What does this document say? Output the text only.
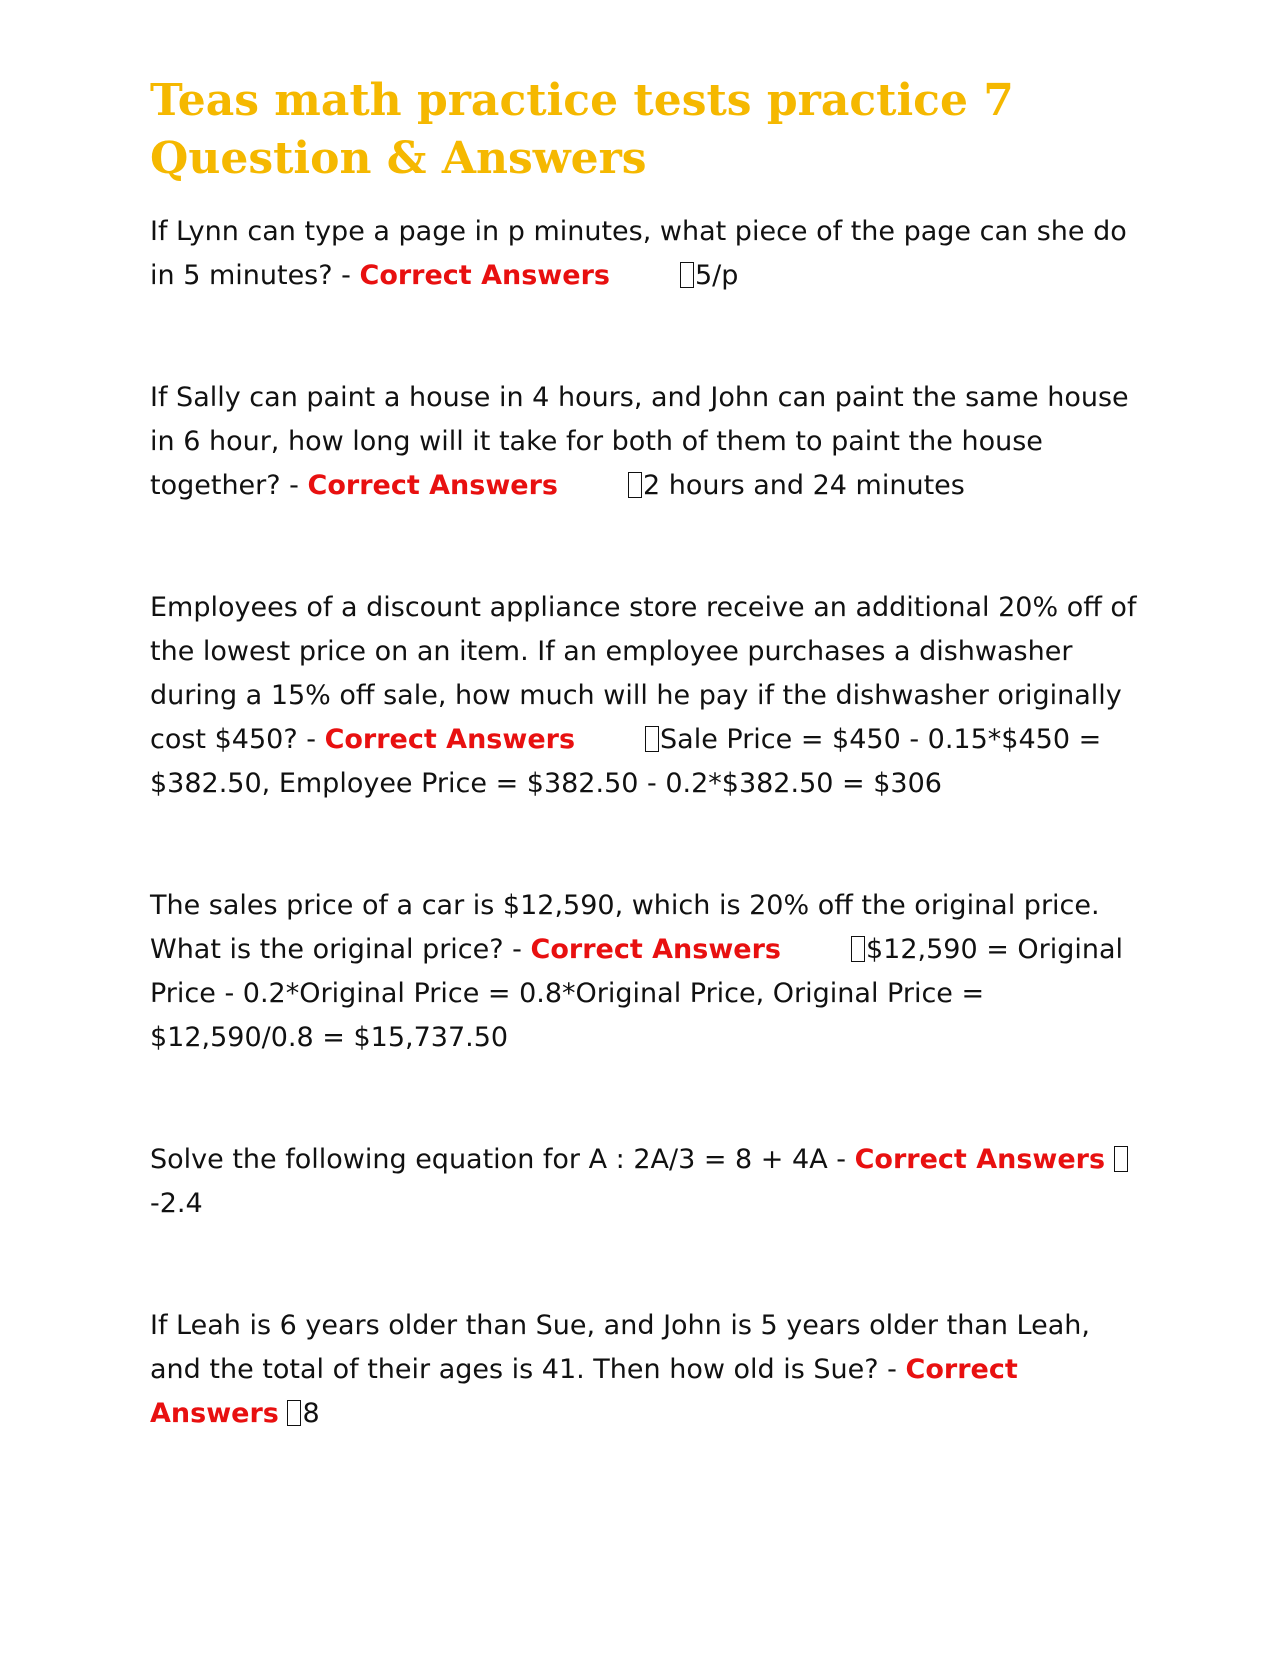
Teas math practice tests practice 7 Question & Answers

If Lynn can type a page in p minutes, what piece of the page can she do in 5 minutes? - Correct Answers	5/p

If Sally can paint a house in 4 hours, and John can paint the same house in 6 hour, how long will it take for both of them to paint the house together? - Correct Answers	2 hours and 24 minutes

Employees of a discount appliance store receive an additional 20% off of the lowest price on an item. If an employee purchases a dishwasher during a 15% off sale, how much will he pay if the dishwasher originally cost $450? - Correct Answers	Sale Price = $450 - 0.15*$450 = $382.50, Employee Price = $382.50 - 0.2*$382.50 = $306

The sales price of a car is $12,590, which is 20% off the original price. What is the original price? - Correct Answers	$12,590 = Original Price - 0.2*Original Price = 0.8*Original Price, Original Price = $12,590/0.8 = $15,737.50

Solve the following equation for A : 2A/3 = 8 + 4A - Correct Answers -2.4

If Leah is 6 years older than Sue, and John is 5 years older than Leah, and the total of their ages is 41. Then how old is Sue? - Correct Answers 8
